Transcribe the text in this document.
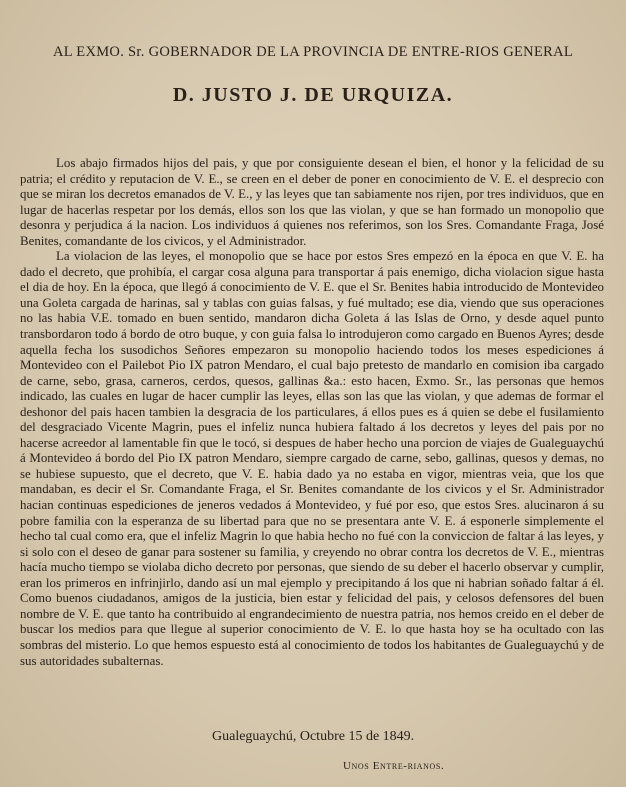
AL EXMO. Sr. GOBERNADOR DE LA PROVINCIA DE ENTRE-RIOS GENERAL
D. JUSTO J. DE URQUIZA.

Los abajo firmados hijos del pais, y que por consiguiente desean el bien, el honor y la felicidad de su patria; el crédito y reputacion de V. E., se creen en el deber de poner en conocimiento de V. E. el desprecio con que se miran los decretos emanados de V. E., y las leyes que tan sabiamente nos rijen, por tres individuos, que en lugar de hacerlas respetar por los demás, ellos son los que las violan, y que se han formado un monopolio que desonra y perjudica á la nacion. Los individuos á quienes nos referimos, son los Sres. Comandante Fraga, José Benites, comandante de los civicos, y el Administrador.

La violacion de las leyes, el monopolio que se hace por estos Sres empezó en la época en que V. E. ha dado el decreto, que prohibía, el cargar cosa alguna para transportar á pais enemigo, dicha violacion sigue hasta el dia de hoy. En la época, que llegó á conocimiento de V. E. que el Sr. Benites habia introducido de Montevideo una Goleta cargada de harinas, sal y tablas con guias falsas, y fué multado; ese dia, viendo que sus operaciones no las habia V.E. tomado en buen sentido, mandaron dicha Goleta á las Islas de Orno, y desde aquel punto transbordaron todo á bordo de otro buque, y con guia falsa lo introdujeron como cargado en Buenos Ayres; desde aquella fecha los susodichos Señores empezaron su monopolio haciendo todos los meses espediciones á Montevideo con el Pailebot Pio IX patron Mendaro, el cual bajo pretesto de mandarlo en comision iba cargado de carne, sebo, grasa, carneros, cerdos, quesos, gallinas &a.: esto hacen, Exmo. Sr., las personas que hemos indicado, las cuales en lugar de hacer cumplir las leyes, ellas son las que las violan, y que ademas de formar el deshonor del pais hacen tambien la desgracia de los particulares, á ellos pues es á quien se debe el fusilamiento del desgraciado Vicente Magrin, pues el infeliz nunca hubiera faltado á los decretos y leyes del pais por no hacerse acreedor al lamentable fin que le tocó, si despues de haber hecho una porcion de viajes de Gualeguaychú á Montevideo á bordo del Pio IX patron Mendaro, siempre cargado de carne, sebo, gallinas, quesos y demas, no se hubiese supuesto, que el decreto, que V. E. habia dado ya no estaba en vigor, mientras veia, que los que mandaban, es decir el Sr. Comandante Fraga, el Sr. Benites comandante de los civicos y el Sr. Administrador hacian continuas espediciones de jeneros vedados á Montevideo, y fué por eso, que estos Sres. alucinaron á su pobre familia con la esperanza de su libertad para que no se presentara ante V. E. á esponerle simplemente el hecho tal cual como era, que el infeliz Magrin lo que habia hecho no fué con la conviccion de faltar á las leyes, y si solo con el deseo de ganar para sostener su familia, y creyendo no obrar contra los decretos de V. E., mientras hacía mucho tiempo se violaba dicho decreto por personas, que siendo de su deber el hacerlo observar y cumplir, eran los primeros en infrinjirlo, dando así un mal ejemplo y precipitando á los que ni habrian soñado faltar á él. Como buenos ciudadanos, amigos de la justicia, bien estar y felicidad del pais, y celosos defensores del buen nombre de V. E. que tanto ha contribuido al engrandecimiento de nuestra patria, nos hemos creido en el deber de buscar los medios para que llegue al superior conocimiento de V. E. lo que hasta hoy se ha ocultado con las sombras del misterio. Lo que hemos espuesto está al conocimiento de todos los habitantes de Gualeguaychú y de sus autoridades subalternas.

Gualeguaychú, Octubre 15 de 1849.
Unos Entre-rianos.
